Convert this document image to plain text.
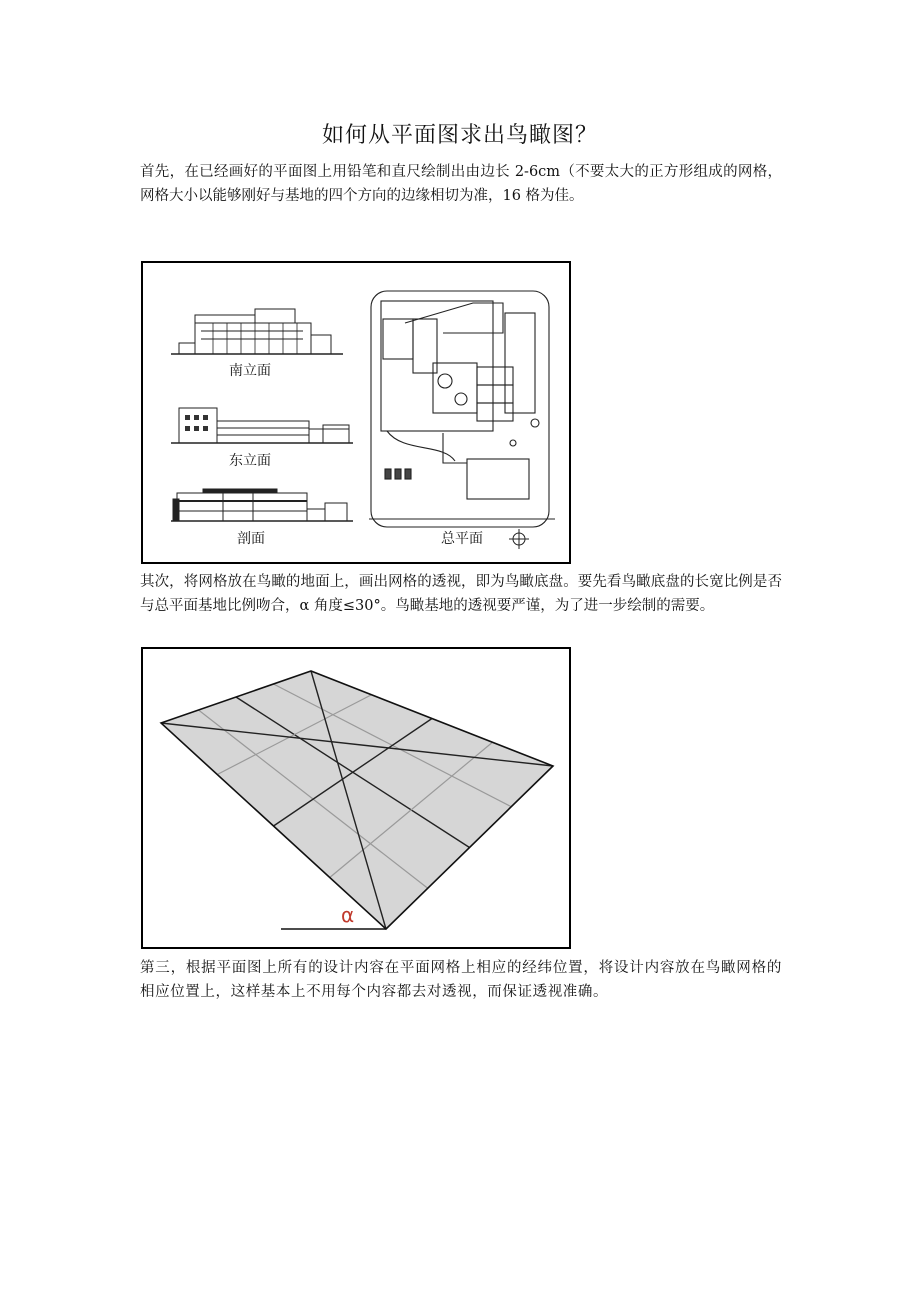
如何从平面图求出鸟瞰图？
首先，在已经画好的平面图上用铅笔和直尺绘制出由边长 2-6cm（不要太大的正方形组成的网格，网格大小以能够刚好与基地的四个方向的边缘相切为准，16 格为佳。
南立面
东立面
剖面	总平面
其次，将网格放在鸟瞰的地面上，画出网格的透视，即为鸟瞰底盘。要先看鸟瞰底盘的长宽比例是否与总平面基地比例吻合，α 角度≤30°。鸟瞰基地的透视要严谨，为了进一步绘制的需要。
α
第三，根据平面图上所有的设计内容在平面网格上相应的经纬位置，将设计内容放在鸟瞰网格的相应位置上，这样基本上不用每个内容都去对透视，而保证透视准确。
